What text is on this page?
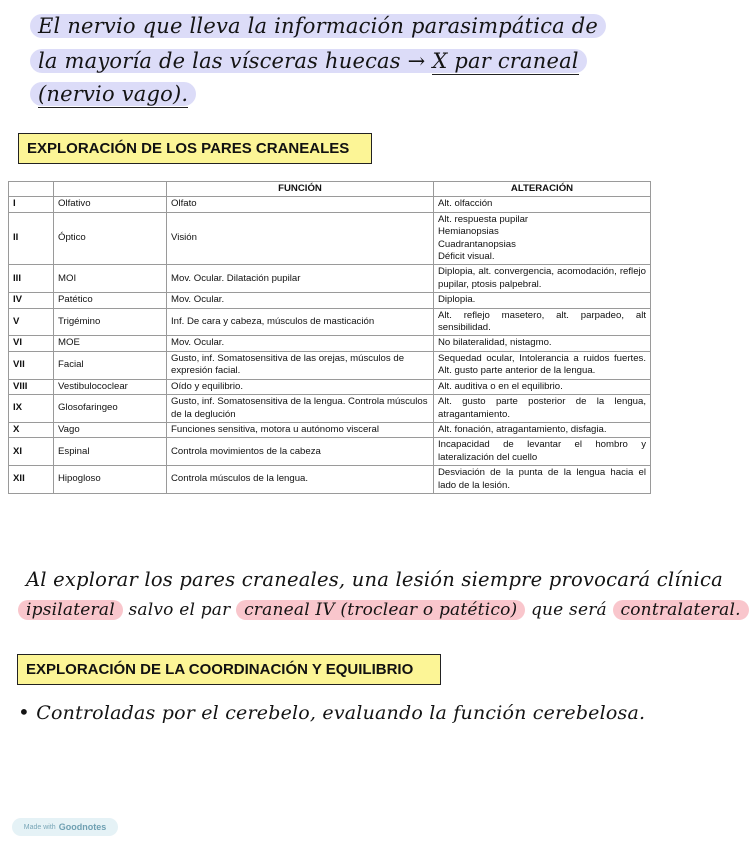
El nervio que lleva la información parasimpática de
la mayoría de las vísceras huecas → X par craneal
(nervio vago).
EXPLORACIÓN DE LOS PARES CRANEALES
		FUNCIÓN	ALTERACIÓN
I	Olfativo	Olfato	Alt. olfacción

II	Óptico	Visión	Alt. respuesta pupilar
Hemianopsias
Cuadrantanopsias
Déficit visual.

III	MOI	Mov. Ocular. Dilatación pupilar	Diplopia, alt. convergencia, acomodación, reflejo pupilar, ptosis palpebral.

IV	Patético	Mov. Ocular.	Diplopia.

V	Trigémino	Inf. De cara y cabeza, músculos de masticación	Alt. reflejo masetero, alt. parpadeo, alt sensibilidad.

VI	MOE	Mov. Ocular.	No bilateralidad, nistagmo.

VII	Facial	Gusto, inf. Somatosensitiva de las orejas, músculos de expresión facial.	Sequedad ocular, Intolerancia a ruidos fuertes. Alt. gusto parte anterior de la lengua.

VIII	Vestibulococlear	Oído y equilibrio.	Alt. auditiva o en el equilibrio.

IX	Glosofaringeo	Gusto, inf. Somatosensitiva de la lengua. Controla músculos de la deglución	Alt. gusto parte posterior de la lengua, atragantamiento.

X	Vago	Funciones sensitiva, motora u autónomo visceral	Alt. fonación, atragantamiento, disfagia.

XI	Espinal	Controla movimientos de la cabeza	Incapacidad de levantar el hombro y lateralización del cuello

XII	Hipogloso	Controla músculos de la lengua.	Desviación de la punta de la lengua hacia el lado de la lesión.
Al explorar los pares craneales, una lesión siempre provocará clínica
ipsilateral salvo el par craneal IV (troclear o patético) que será contralateral.
EXPLORACIÓN DE LA COORDINACIÓN Y EQUILIBRIO
• Controladas por el cerebelo, evaluando la función cerebelosa.
Made with Goodnotes
